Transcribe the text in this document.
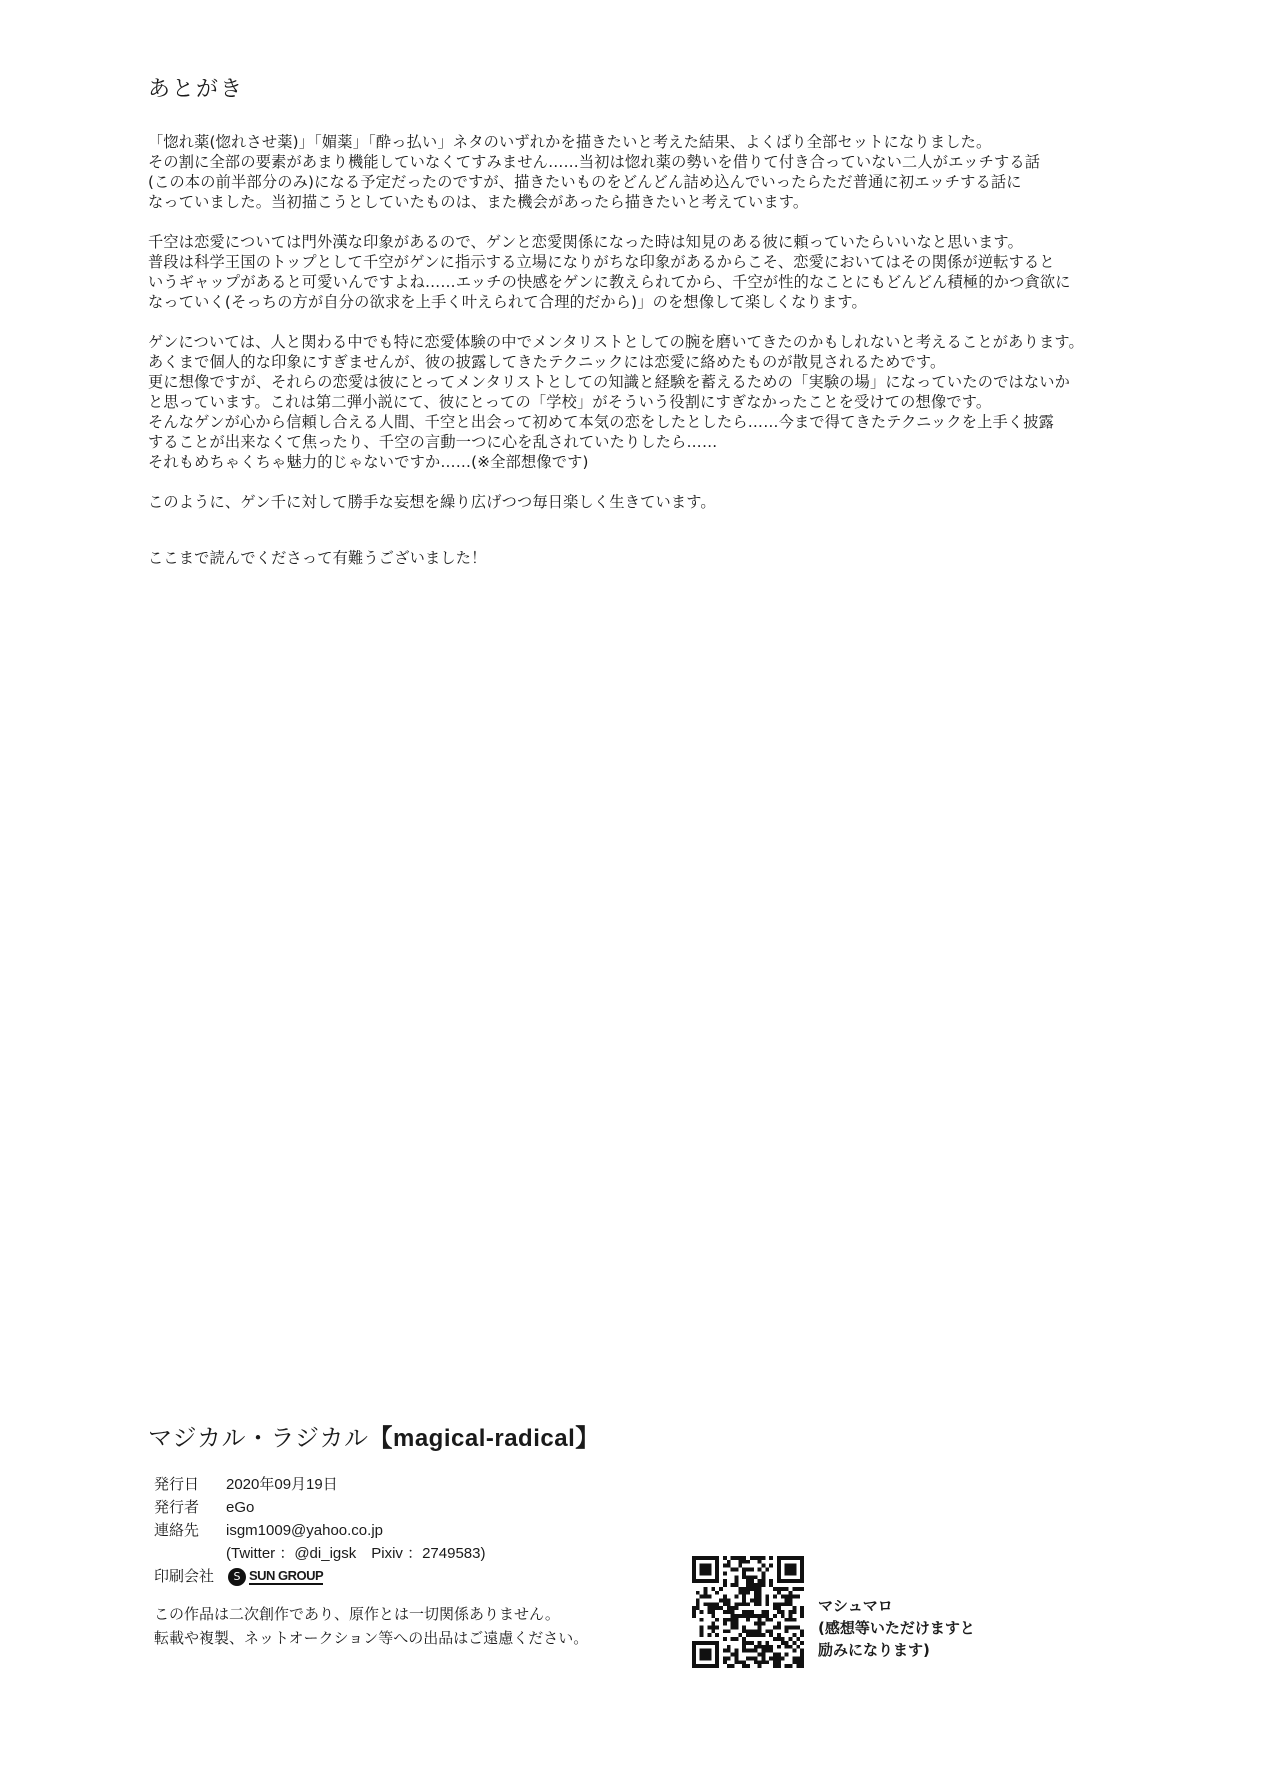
あとがき
「惚れ薬(惚れさせ薬)」「媚薬」「酔っ払い」ネタのいずれかを描きたいと考えた結果、よくばり全部セットになりました。
その割に全部の要素があまり機能していなくてすみません……当初は惚れ薬の勢いを借りて付き合っていない二人がエッチする話
(この本の前半部分のみ)になる予定だったのですが、描きたいものをどんどん詰め込んでいったらただ普通に初エッチする話に
なっていました。当初描こうとしていたものは、また機会があったら描きたいと考えています。
千空は恋愛については門外漢な印象があるので、ゲンと恋愛関係になった時は知見のある彼に頼っていたらいいなと思います。
普段は科学王国のトップとして千空がゲンに指示する立場になりがちな印象があるからこそ、恋愛においてはその関係が逆転すると
いうギャップがあると可愛いんですよね……エッチの快感をゲンに教えられてから、千空が性的なことにもどんどん積極的かつ貪欲に
なっていく(そっちの方が自分の欲求を上手く叶えられて合理的だから)」のを想像して楽しくなります。
ゲンについては、人と関わる中でも特に恋愛体験の中でメンタリストとしての腕を磨いてきたのかもしれないと考えることがあります。
あくまで個人的な印象にすぎませんが、彼の披露してきたテクニックには恋愛に絡めたものが散見されるためです。
更に想像ですが、それらの恋愛は彼にとってメンタリストとしての知識と経験を蓄えるための「実験の場」になっていたのではないか
と思っています。これは第二弾小説にて、彼にとっての「学校」がそういう役割にすぎなかったことを受けての想像です。
そんなゲンが心から信頼し合える人間、千空と出会って初めて本気の恋をしたとしたら……今まで得てきたテクニックを上手く披露
することが出来なくて焦ったり、千空の言動一つに心を乱されていたりしたら……
それもめちゃくちゃ魅力的じゃないですか……(※全部想像です)
このように、ゲン千に対して勝手な妄想を繰り広げつつ毎日楽しく生きています。
ここまで読んでくださって有難うございました！
マジカル・ラジカル【magical-radical】
発行日	2020年09月19日
発行者	eGo
連絡先	isgm1009@yahoo.co.jp
(Twitter ：@di_igsk　Pixiv ：2749583)
印刷会社	S SUN GROUP
この作品は二次創作であり、原作とは一切関係ありません。
転載や複製、ネットオークション等への出品はご遠慮ください。
マシュマロ
(感想等いただけますと
励みになります)
